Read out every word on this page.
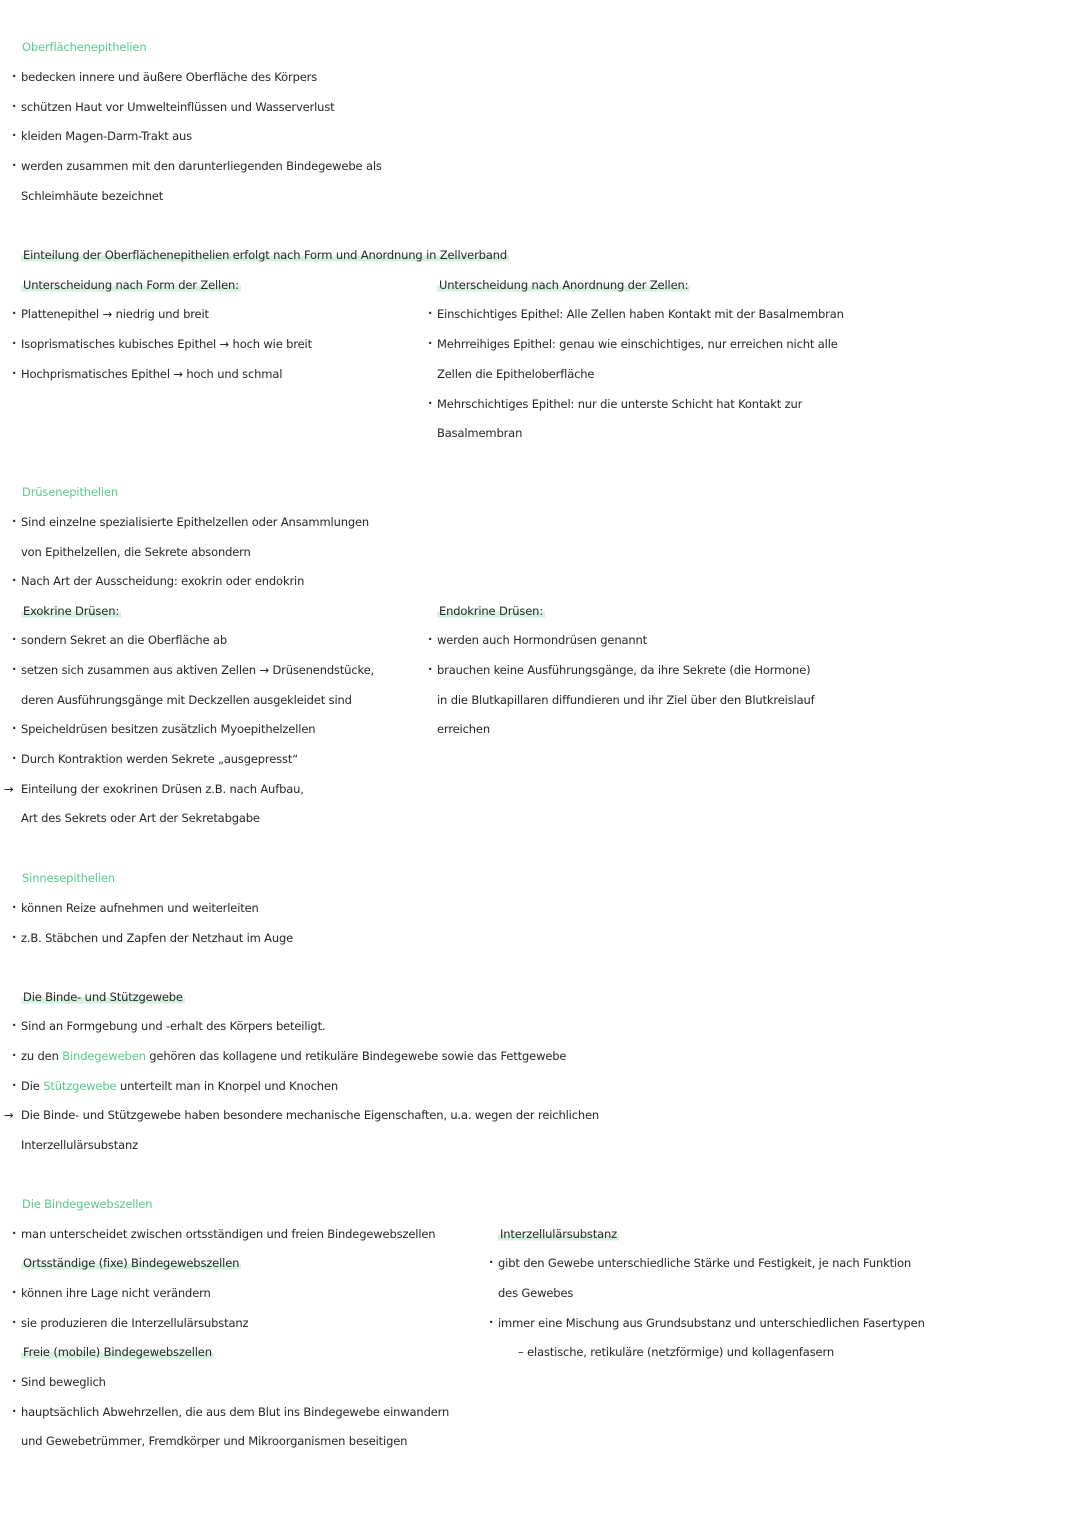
Oberflächenepithelien
· bedecken innere und äußere Oberfläche des Körpers
· schützen Haut vor Umwelteinflüssen und Wasserverlust
· kleiden Magen-Darm-Trakt aus
· werden zusammen mit den darunterliegenden Bindegewebe als
Schleimhäute bezeichnet
Einteilung der Oberflächenepithelien erfolgt nach Form und Anordnung in Zellverband
Unterscheidung nach Form der Zellen:
· Plattenepithel → niedrig und breit
· Isoprismatisches kubisches Epithel → hoch wie breit
· Hochprismatisches Epithel → hoch und schmal
Unterscheidung nach Anordnung der Zellen:
· Einschichtiges Epithel: Alle Zellen haben Kontakt mit der Basalmembran
· Mehrreihiges Epithel: genau wie einschichtiges, nur erreichen nicht alle
Zellen die Epitheloberfläche
· Mehrschichtiges Epithel: nur die unterste Schicht hat Kontakt zur
Basalmembran
Drüsenepithelien
· Sind einzelne spezialisierte Epithelzellen oder Ansammlungen
von Epithelzellen, die Sekrete absondern
· Nach Art der Ausscheidung: exokrin oder endokrin
Exokrine Drüsen:
· sondern Sekret an die Oberfläche ab
· setzen sich zusammen aus aktiven Zellen → Drüsenendstücke,
deren Ausführungsgänge mit Deckzellen ausgekleidet sind
· Speicheldrüsen besitzen zusätzlich Myoepithelzellen
· Durch Kontraktion werden Sekrete „ausgepresst“
→ Einteilung der exokrinen Drüsen z.B. nach Aufbau,
Art des Sekrets oder Art der Sekretabgabe
Endokrine Drüsen:
· werden auch Hormondrüsen genannt
· brauchen keine Ausführungsgänge, da ihre Sekrete (die Hormone)
in die Blutkapillaren diffundieren und ihr Ziel über den Blutkreislauf
erreichen
Sinnesepithelien
· können Reize aufnehmen und weiterleiten
· z.B. Stäbchen und Zapfen der Netzhaut im Auge
Die Binde- und Stützgewebe
· Sind an Formgebung und -erhalt des Körpers beteiligt.
· zu den Bindegeweben gehören das kollagene und retikuläre Bindegewebe sowie das Fettgewebe
· Die Stützgewebe unterteilt man in Knorpel und Knochen
→ Die Binde- und Stützgewebe haben besondere mechanische Eigenschaften, u.a. wegen der reichlichen
Interzellulärsubstanz
Die Bindegewebszellen
· man unterscheidet zwischen ortsständigen und freien Bindegewebszellen
Ortsständige (fixe) Bindegewebszellen
· können ihre Lage nicht verändern
· sie produzieren die Interzellulärsubstanz
Freie (mobile) Bindegewebszellen
· Sind beweglich
· hauptsächlich Abwehrzellen, die aus dem Blut ins Bindegewebe einwandern
und Gewebetrümmer, Fremdkörper und Mikroorganismen beseitigen
Interzellulärsubstanz
· gibt den Gewebe unterschiedliche Stärke und Festigkeit, je nach Funktion
des Gewebes
· immer eine Mischung aus Grundsubstanz und unterschiedlichen Fasertypen
– elastische, retikuläre (netzförmige) und kollagenfasern
